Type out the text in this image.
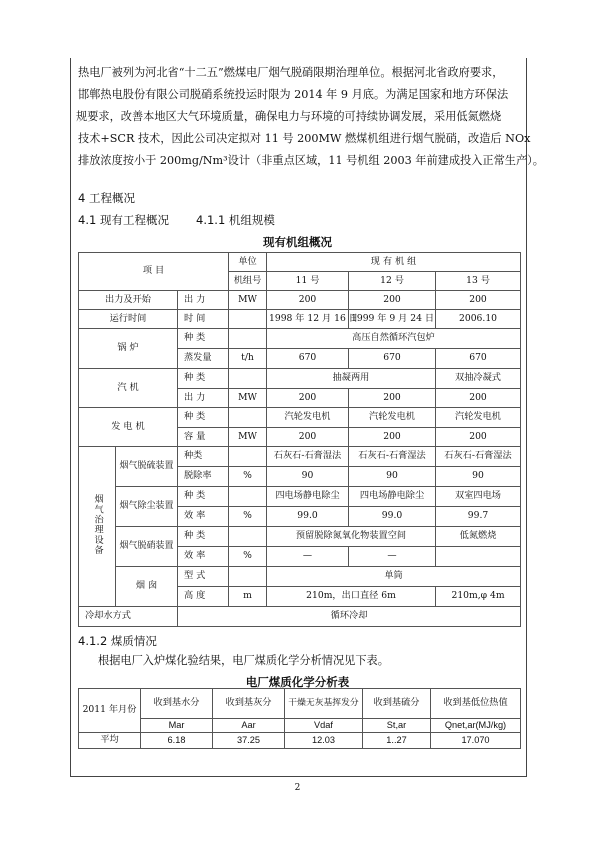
热电厂被列为河北省“十二五”燃煤电厂烟气脱硝限期治理单位。根据河北省政府要求，
邯郸热电股份有限公司脱硝系统投运时限为 2014 年 9 月底。为满足国家和地方环保法
规要求，改善本地区大气环境质量，确保电力与环境的可持续协调发展，采用低氮燃烧
技术+SCR 技术，因此公司决定拟对 11 号 200MW 燃煤机组进行烟气脱硝，改造后 NOx
排放浓度按小于 200mg/Nm³设计（非重点区域，11 号机组 2003 年前建成投入正常生产）。
4 工程概况
4.1 现有工程概况 4.1.1 机组规模
现有机组概况
项 目			单位	现 有 机 组		
			机组号	11 号	12 号	13 号
出力及开始		出 力	MW	200	200	200
运行时间		时 间		1998 年 12 月 16 日	1999 年 9 月 24 日	2006.10
锅 炉		种 类		高压自然循环汽包炉		
		蒸发量	t/h	670	670	670
汽 机		种 类		抽凝两用		双抽冷凝式
		出 力	MW	200	200	200
发 电 机		种 类		汽轮发电机	汽轮发电机	汽轮发电机
		容 量	MW	200	200	200
烟气治理设备	烟气脱硫装置	种类		石灰石-石膏湿法	石灰石-石膏湿法	石灰石-石膏湿法
		脱除率	%	90	90	90
	烟气除尘装置	种 类		四电场静电除尘	四电场静电除尘	双室四电场
		效 率	%	99.0	99.0	99.7
	烟气脱硝装置	种 类		预留脱除氮氧化物装置空间		低氮燃烧
		效 率	%	—	—	
	烟 囱	型 式		单筒		
		高 度	m	210m，出口直径 6m		210m,φ 4m
冷却水方式		循环冷却				
4.1.2 煤质情况
根据电厂入炉煤化验结果，电厂煤质化学分析情况见下表。
电厂煤质化学分析表
2011 年月份	收到基水分	收到基灰分	干燥无灰基挥发分	收到基硫分	收到基低位热值
	Mar	Aar	Vdaf	St,ar	Qnet,ar(MJ/kg)
平均	6.18	37.25	12.03	1..27	17.070
2
